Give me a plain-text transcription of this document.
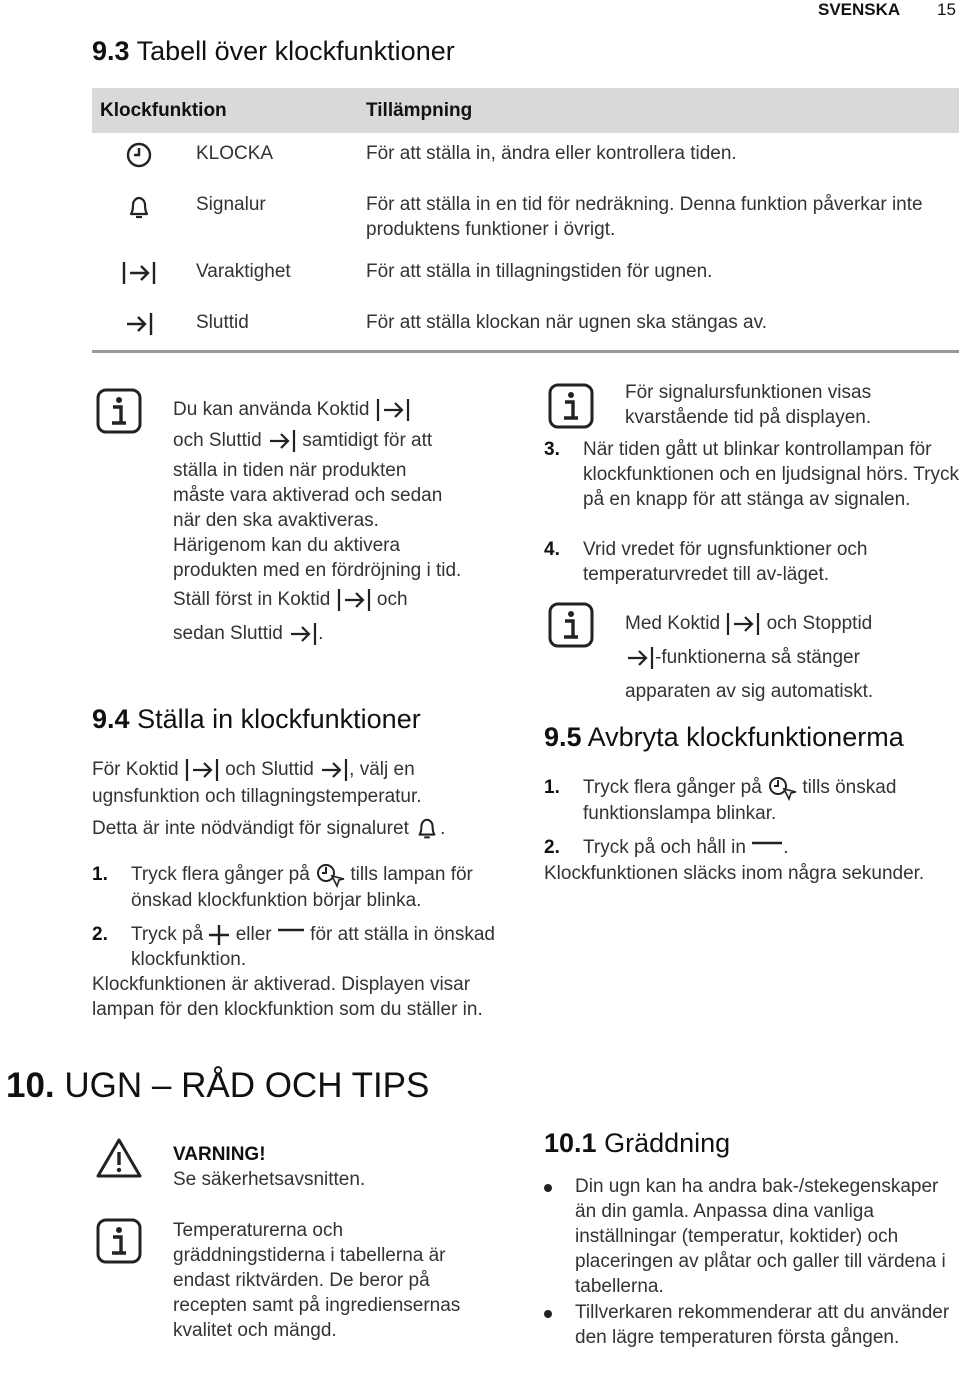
SVENSKA 15
9.3 Tabell över klockfunktioner
Klockfunktion	Tillämpning
KLOCKA	För att ställa in, ändra eller kontrollera tiden.
Signalur	För att ställa in en tid för nedräkning. Denna funktion påverkar inte produktens funktioner i övrigt.
Varaktighet	För att ställa in tillagningstiden för ugnen.
Sluttid	För att ställa klockan när ugnen ska stängas av.
Du kan använda Koktid

och Sluttid samtidigt för att ställa in tiden när produkten måste vara aktiverad och sedan när den ska avaktiveras. Härigenom kan du aktivera produkten med en fördröjning i tid. Ställ först in Koktid och sedan Sluttid .
9.4 Ställa in klockfunktioner
För Koktid och Sluttid , välj en ugnsfunktion och tillagningstemperatur.
Detta är inte nödvändigt för signaluret .
1. Tryck flera gånger på tills lampan för önskad klockfunktion börjar blinka.
2. Tryck på eller för att ställa in önskad klockfunktion.
Klockfunktionen är aktiverad. Displayen visar lampan för den klockfunktion som du ställer in.
För signalursfunktionen visas kvarstående tid på displayen.
3. När tiden gått ut blinkar kontrollampan för klockfunktionen och en ljudsignal hörs. Tryck på en knapp för att stänga av signalen.
4. Vrid vredet för ugnsfunktioner och temperaturvredet till av-läget.
Med Koktid och Stopptid

-funktionerna så stänger apparaten av sig automatiskt.
9.5 Avbryta klockfunktionerma
1. Tryck flera gånger på tills önskad funktionslampa blinkar.
2. Tryck på och håll in .
Klockfunktionen släcks inom några sekunder.
10. UGN – RÅD OCH TIPS
VARNING!
Se säkerhetsavsnitten.
Temperaturerna och gräddningstiderna i tabellerna är endast riktvärden. De beror på recepten samt på ingrediensernas kvalitet och mängd.
10.1 Gräddning
Din ugn kan ha andra bak-/stekegenskaper än din gamla. Anpassa dina vanliga inställningar (temperatur, koktider) och placeringen av plåtar och galler till värdena i tabellerna.
Tillverkaren rekommenderar att du använder den lägre temperaturen första gången.
